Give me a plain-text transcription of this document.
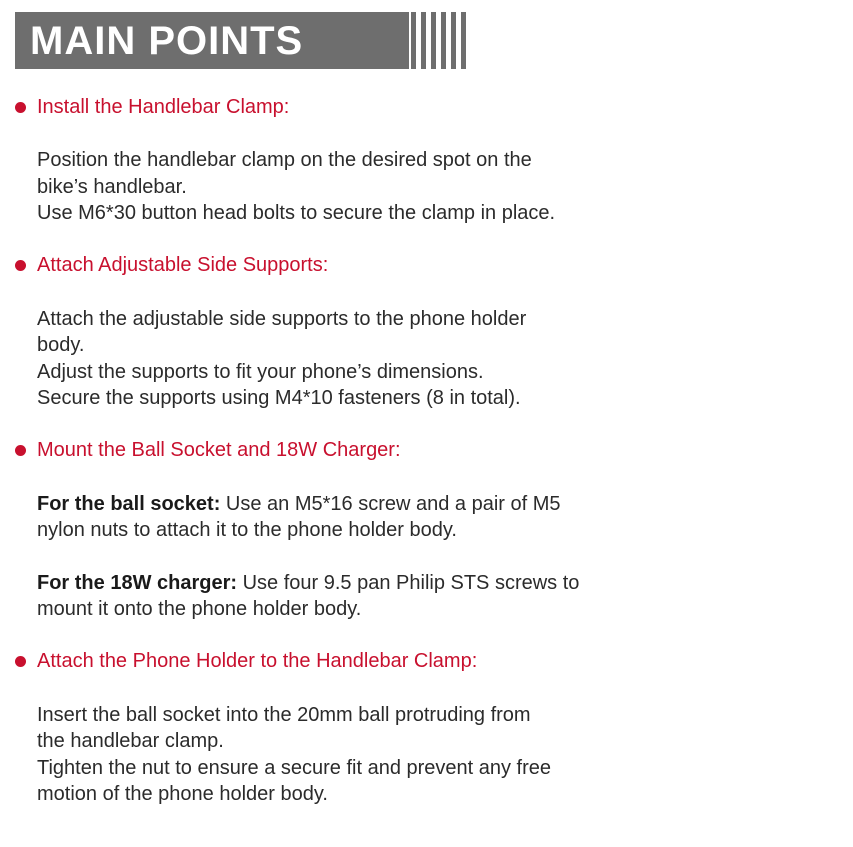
MAIN POINTS
Install the Handlebar Clamp:
Position the handlebar clamp on the desired spot on the
bike’s handlebar.
Use M6*30 button head bolts to secure the clamp in place.
Attach Adjustable Side Supports:
Attach the adjustable side supports to the phone holder
body.
Adjust the supports to fit your phone’s dimensions.
Secure the supports using M4*10 fasteners (8 in total).
Mount the Ball Socket and 18W Charger:
For the ball socket: Use an M5*16 screw and a pair of M5
nylon nuts to attach it to the phone holder body.
For the 18W charger: Use four 9.5 pan Philip STS screws to
mount it onto the phone holder body.
Attach the Phone Holder to the Handlebar Clamp:
Insert the ball socket into the 20mm ball protruding from
the handlebar clamp.
Tighten the nut to ensure a secure fit and prevent any free
motion of the phone holder body.
